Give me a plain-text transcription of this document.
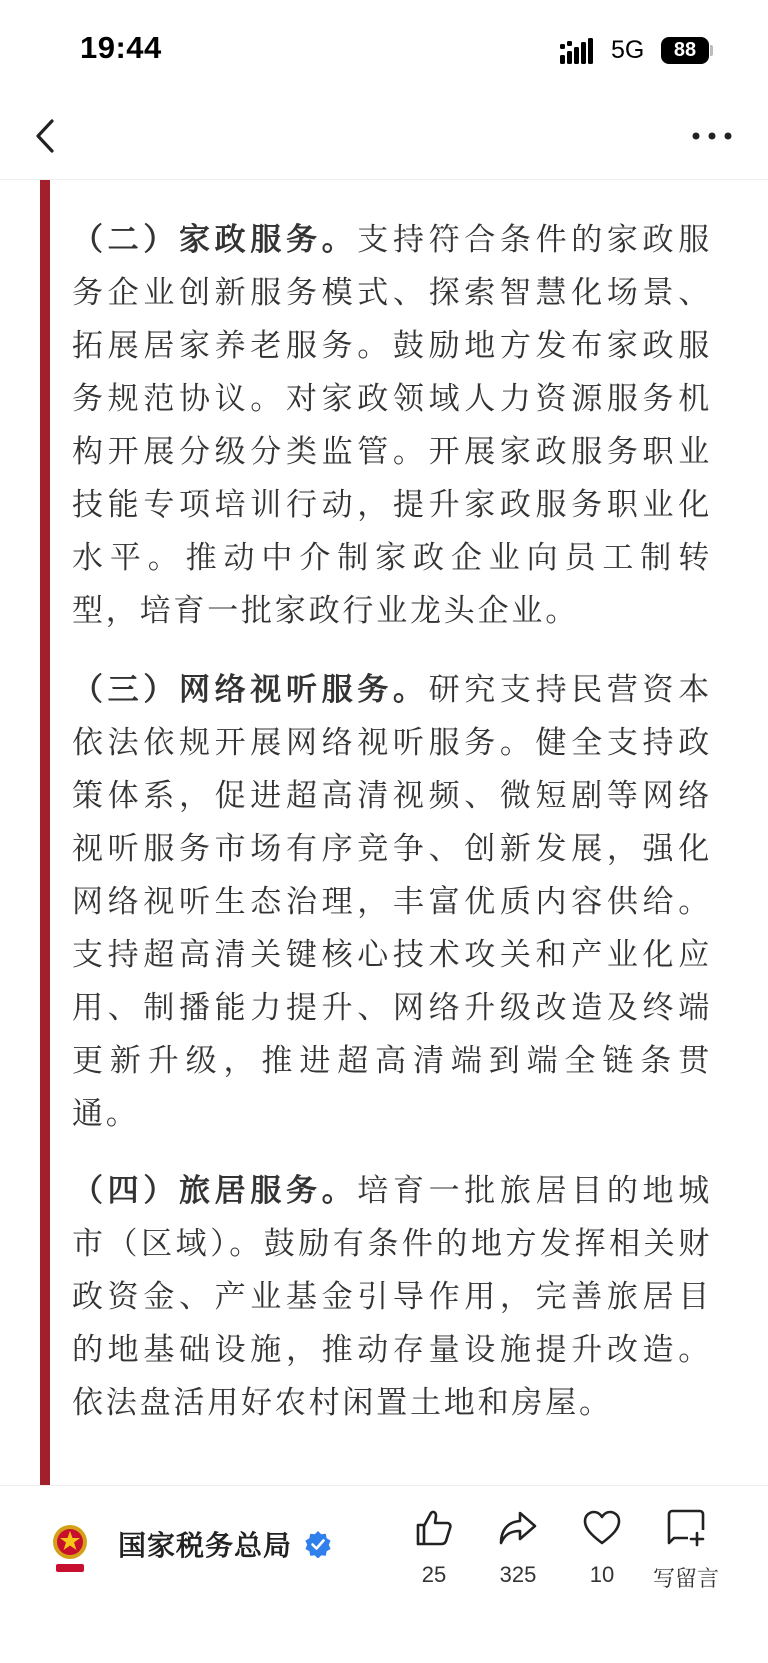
19:44	5G	88

（二）家政服务。支持符合条件的家政服务企业创新服务模式、探索智慧化场景、拓展居家养老服务。鼓励地方发布家政服务规范协议。对家政领域人力资源服务机构开展分级分类监管。开展家政服务职业技能专项培训行动，提升家政服务职业化水平。推动中介制家政企业向员工制转型，培育一批家政行业龙头企业。

（三）网络视听服务。研究支持民营资本依法依规开展网络视听服务。健全支持政策体系，促进超高清视频、微短剧等网络视听服务市场有序竞争、创新发展，强化网络视听生态治理，丰富优质内容供给。支持超高清关键核心技术攻关和产业化应用、制播能力提升、网络升级改造及终端更新升级，推进超高清端到端全链条贯通。

（四）旅居服务。培育一批旅居目的地城市（区域）。鼓励有条件的地方发挥相关财政资金、产业基金引导作用，完善旅居目的地基础设施，推动存量设施提升改造。依法盘活用好农村闲置土地和房屋。

国家税务总局
25	325	10	写留言
